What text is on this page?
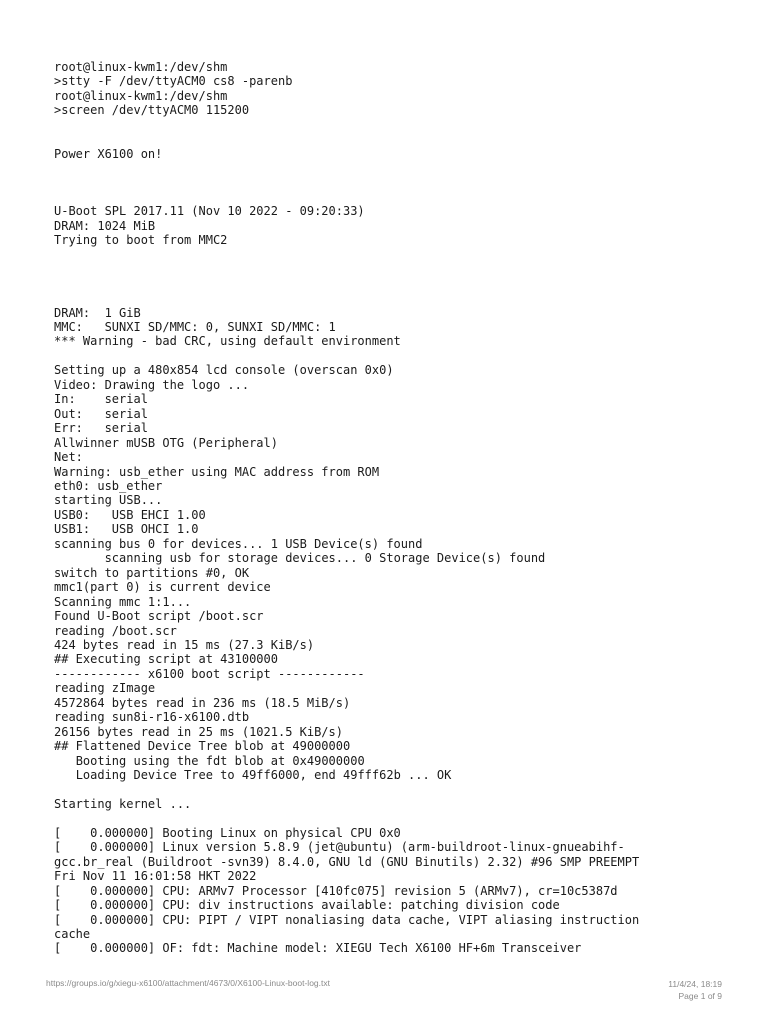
root@linux-kwm1:/dev/shm
>stty -F /dev/ttyACM0 cs8 -parenb
root@linux-kwm1:/dev/shm
>screen /dev/ttyACM0 115200
Power X6100 on!
U-Boot SPL 2017.11 (Nov 10 2022 - 09:20:33)
DRAM: 1024 MiB
Trying to boot from MMC2
DRAM:  1 GiB
MMC:   SUNXI SD/MMC: 0, SUNXI SD/MMC: 1
*** Warning - bad CRC, using default environment
Setting up a 480x854 lcd console (overscan 0x0)
Video: Drawing the logo ...
In:    serial
Out:   serial
Err:   serial
Allwinner mUSB OTG (Peripheral)
Net:
Warning: usb_ether using MAC address from ROM
eth0: usb_ether
starting USB...
USB0:   USB EHCI 1.00
USB1:   USB OHCI 1.0
scanning bus 0 for devices... 1 USB Device(s) found
scanning usb for storage devices... 0 Storage Device(s) found
switch to partitions #0, OK
mmc1(part 0) is current device
Scanning mmc 1:1...
Found U-Boot script /boot.scr
reading /boot.scr
424 bytes read in 15 ms (27.3 KiB/s)
## Executing script at 43100000
------------ x6100 boot script ------------
reading zImage
4572864 bytes read in 236 ms (18.5 MiB/s)
reading sun8i-r16-x6100.dtb
26156 bytes read in 25 ms (1021.5 KiB/s)
## Flattened Device Tree blob at 49000000
Booting using the fdt blob at 0x49000000
Loading Device Tree to 49ff6000, end 49fff62b ... OK
Starting kernel ...
[    0.000000] Booting Linux on physical CPU 0x0
[    0.000000] Linux version 5.8.9 (jet@ubuntu) (arm-buildroot-linux-gnueabihf-
gcc.br_real (Buildroot -svn39) 8.4.0, GNU ld (GNU Binutils) 2.32) #96 SMP PREEMPT
Fri Nov 11 16:01:58 HKT 2022
[    0.000000] CPU: ARMv7 Processor [410fc075] revision 5 (ARMv7), cr=10c5387d
[    0.000000] CPU: div instructions available: patching division code
[    0.000000] CPU: PIPT / VIPT nonaliasing data cache, VIPT aliasing instruction
cache
[    0.000000] OF: fdt: Machine model: XIEGU Tech X6100 HF+6m Transceiver
https://groups.io/g/xiegu-x6100/attachment/4673/0/X6100-Linux-boot-log.txt	11/4/24, 18:19
Page 1 of 9
